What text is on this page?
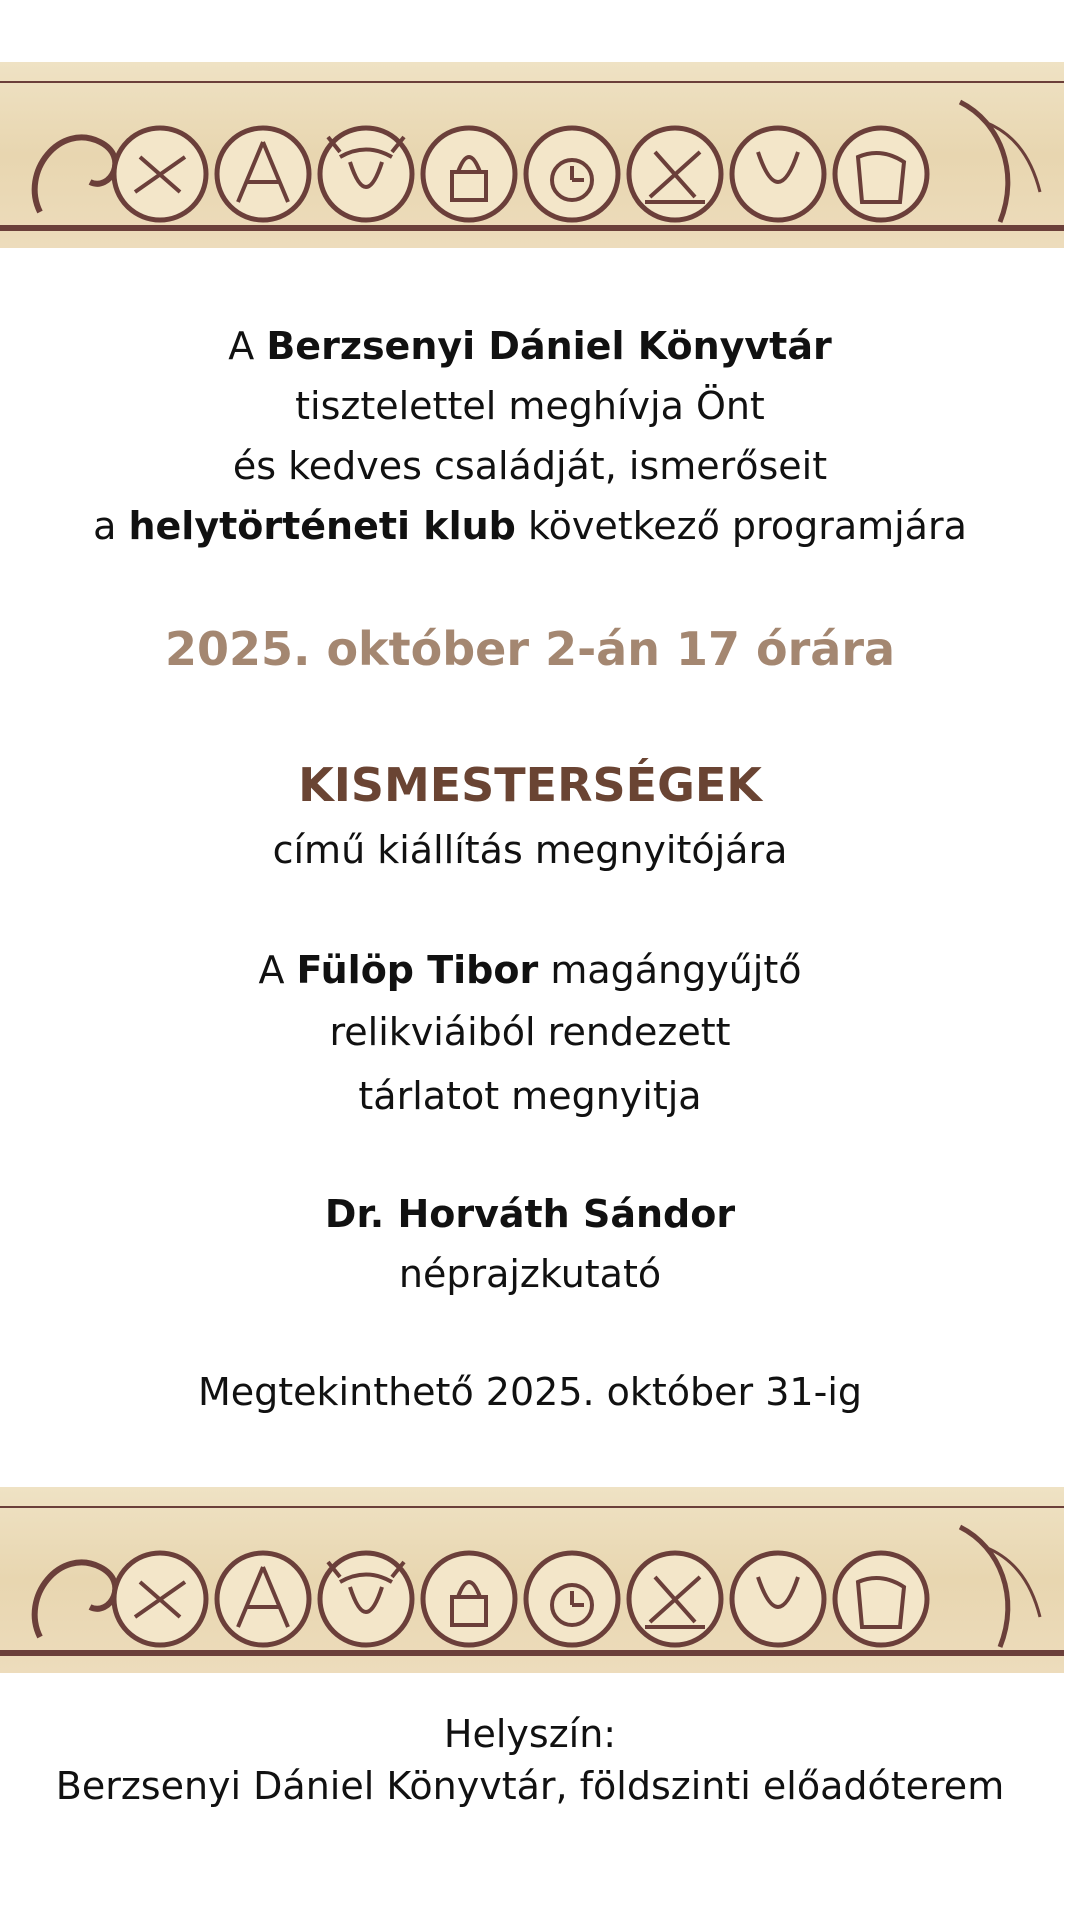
A Berzsenyi Dániel Könyvtár
tisztelettel meghívja Önt
és kedves családját, ismerőseit
a helytörténeti klub következő programjára
2025. október 2-án 17 órára
KISMESTERSÉGEK
című kiállítás megnyitójára
A Fülöp Tibor magángyűjtő
relikviáiból rendezett
tárlatot megnyitja
Dr. Horváth Sándor
néprajzkutató
Megtekinthető 2025. október 31-ig
Helyszín:
Berzsenyi Dániel Könyvtár, földszinti előadóterem
